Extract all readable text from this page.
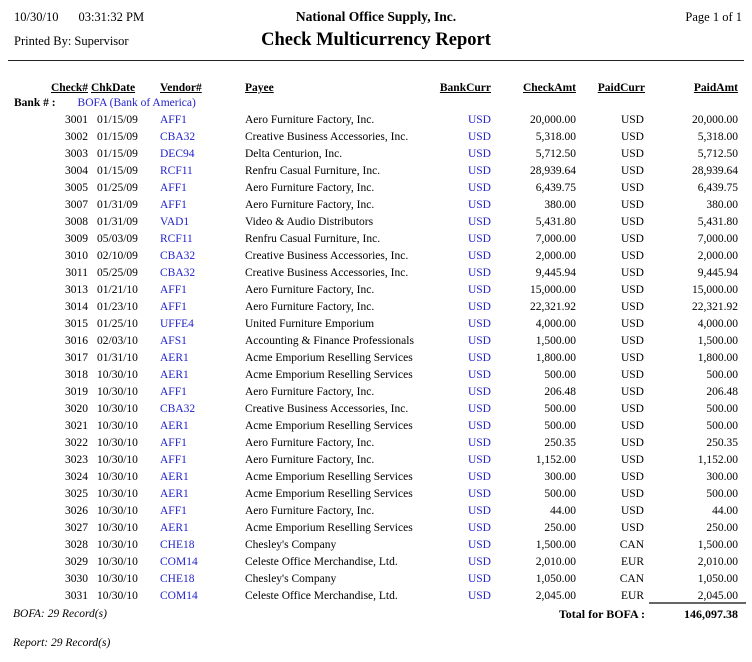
10/30/10 03:31:32 PM	National Office Supply, Inc.	Page 1 of 1
Printed By: Supervisor	Check Multicurrency Report
Check#	ChkDate	Vendor#	Payee	BankCurr	CheckAmt	PaidCurr	PaidAmt
Bank # : BOFA (Bank of America)							
3001	01/15/09	AFF1	Aero Furniture Factory, Inc.	USD	20,000.00	USD	20,000.00
3002	01/15/09	CBA32	Creative Business Accessories, Inc.	USD	5,318.00	USD	5,318.00
3003	01/15/09	DEC94	Delta Centurion, Inc.	USD	5,712.50	USD	5,712.50
3004	01/15/09	RCF11	Renfru Casual Furniture, Inc.	USD	28,939.64	USD	28,939.64
3005	01/25/09	AFF1	Aero Furniture Factory, Inc.	USD	6,439.75	USD	6,439.75
3007	01/31/09	AFF1	Aero Furniture Factory, Inc.	USD	380.00	USD	380.00
3008	01/31/09	VAD1	Video & Audio Distributors	USD	5,431.80	USD	5,431.80
3009	05/03/09	RCF11	Renfru Casual Furniture, Inc.	USD	7,000.00	USD	7,000.00
3010	02/10/09	CBA32	Creative Business Accessories, Inc.	USD	2,000.00	USD	2,000.00
3011	05/25/09	CBA32	Creative Business Accessories, Inc.	USD	9,445.94	USD	9,445.94
3013	01/21/10	AFF1	Aero Furniture Factory, Inc.	USD	15,000.00	USD	15,000.00
3014	01/23/10	AFF1	Aero Furniture Factory, Inc.	USD	22,321.92	USD	22,321.92
3015	01/25/10	UFFE4	United Furniture Emporium	USD	4,000.00	USD	4,000.00
3016	02/03/10	AFS1	Accounting & Finance Professionals	USD	1,500.00	USD	1,500.00
3017	01/31/10	AER1	Acme Emporium Reselling Services	USD	1,800.00	USD	1,800.00
3018	10/30/10	AER1	Acme Emporium Reselling Services	USD	500.00	USD	500.00
3019	10/30/10	AFF1	Aero Furniture Factory, Inc.	USD	206.48	USD	206.48
3020	10/30/10	CBA32	Creative Business Accessories, Inc.	USD	500.00	USD	500.00
3021	10/30/10	AER1	Acme Emporium Reselling Services	USD	500.00	USD	500.00
3022	10/30/10	AFF1	Aero Furniture Factory, Inc.	USD	250.35	USD	250.35
3023	10/30/10	AFF1	Aero Furniture Factory, Inc.	USD	1,152.00	USD	1,152.00
3024	10/30/10	AER1	Acme Emporium Reselling Services	USD	300.00	USD	300.00
3025	10/30/10	AER1	Acme Emporium Reselling Services	USD	500.00	USD	500.00
3026	10/30/10	AFF1	Aero Furniture Factory, Inc.	USD	44.00	USD	44.00
3027	10/30/10	AER1	Acme Emporium Reselling Services	USD	250.00	USD	250.00
3028	10/30/10	CHE18	Chesley's Company	USD	1,500.00	CAN	1,500.00
3029	10/30/10	COM14	Celeste Office Merchandise, Ltd.	USD	2,010.00	EUR	2,010.00
3030	10/30/10	CHE18	Chesley's Company	USD	1,050.00	CAN	1,050.00
3031	10/30/10	COM14	Celeste Office Merchandise, Ltd.	USD	2,045.00	EUR	2,045.00
BOFA: 29 Record(s)	Total for BOFA :	146,097.38
Report: 29 Record(s)
